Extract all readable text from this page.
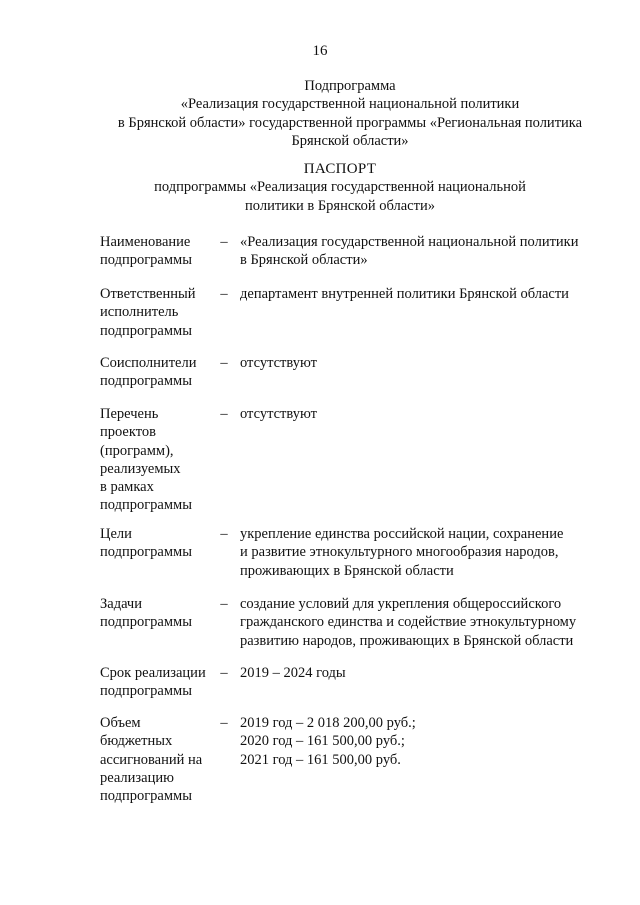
16
Подпрограмма
«Реализация государственной национальной политики
в Брянской области» государственной программы «Региональная политика
Брянской области»
ПАСПОРТ
подпрограммы «Реализация государственной национальной
политики в Брянской области»
Наименование
подпрограммы
– «Реализация государственной национальной политики
в Брянской области»
Ответственный
исполнитель
подпрограммы
– департамент внутренней политики Брянской области
Соисполнители
подпрограммы
– отсутствуют
Перечень
проектов
(программ),
реализуемых
в рамках
подпрограммы
– отсутствуют
Цели
подпрограммы
– укрепление единства российской нации, сохранение
и развитие этнокультурного многообразия народов,
проживающих в Брянской области
Задачи
подпрограммы
– создание условий для укрепления общероссийского
гражданского единства и содействие этнокультурному
развитию народов, проживающих в Брянской области
Срок реализации
подпрограммы
– 2019 – 2024 годы
Объем
бюджетных
ассигнований на
реализацию
подпрограммы
– 2019 год – 2 018 200,00 руб.;
2020 год – 161 500,00 руб.;
2021 год – 161 500,00 руб.
